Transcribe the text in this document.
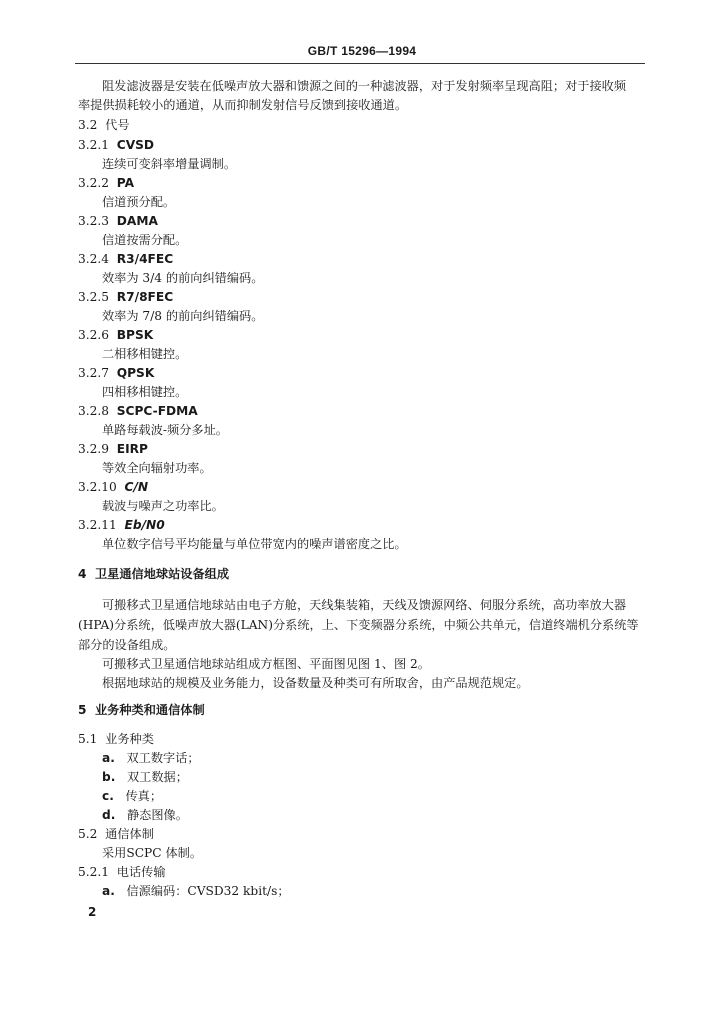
GB/T 15296—1994
阻发滤波器是安装在低噪声放大器和馈源之间的一种滤波器，对于发射频率呈现高阻；对于接收频
率提供损耗较小的通道，从而抑制发射信号反馈到接收通道。
3.2 代号
3.2.1 CVSD
连续可变斜率增量调制。
3.2.2 PA
信道预分配。
3.2.3 DAMA
信道按需分配。
3.2.4 R3/4FEC
效率为 3/4 的前向纠错编码。
3.2.5 R7/8FEC
效率为 7/8 的前向纠错编码。
3.2.6 BPSK
二相移相键控。
3.2.7 QPSK
四相移相键控。
3.2.8 SCPC-FDMA
单路每载波-频分多址。
3.2.9 EIRP
等效全向辐射功率。
3.2.10 C/N
载波与噪声之功率比。
3.2.11 Eb/N0
单位数字信号平均能量与单位带宽内的噪声谱密度之比。
4 卫星通信地球站设备组成
可搬移式卫星通信地球站由电子方舱，天线集装箱，天线及馈源网络、伺服分系统，高功率放大器
(HPA)分系统，低噪声放大器(LAN)分系统，上、下变频器分系统，中频公共单元，信道终端机分系统等
部分的设备组成。
可搬移式卫星通信地球站组成方框图、平面图见图 1、图 2。
根据地球站的规模及业务能力，设备数量及种类可有所取舍，由产品规范规定。
5 业务种类和通信体制
5.1 业务种类
a. 双工数字话；
b. 双工数据；
c. 传真；
d. 静态图像。
5.2 通信体制
采用SCPC 体制。
5.2.1 电话传输
a. 信源编码：CVSD32 kbit/s；
2
